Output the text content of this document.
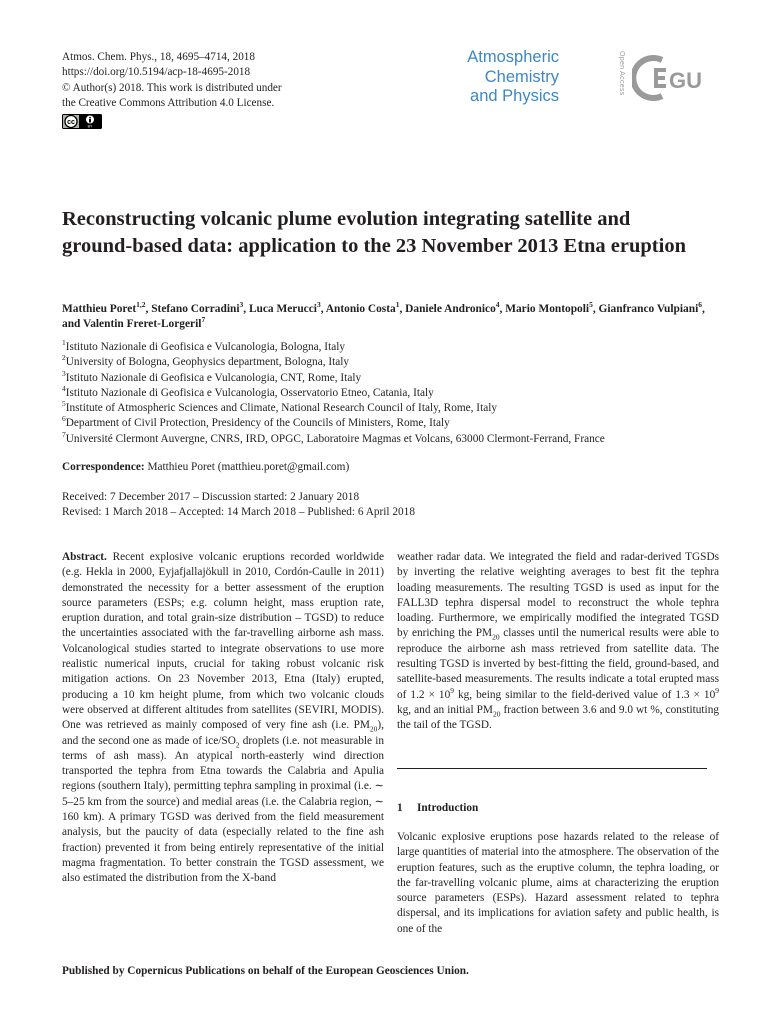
Atmos. Chem. Phys., 18, 4695–4714, 2018
https://doi.org/10.5194/acp-18-4695-2018
© Author(s) 2018. This work is distributed under
the Creative Commons Attribution 4.0 License.
cc
BY
Atmospheric
Chemistry
and Physics
Open Access GU
Reconstructing volcanic plume evolution integrating satellite and ground-based data: application to the 23 November 2013 Etna eruption
Matthieu Poret$^{1,2}$, Stefano Corradini$^3$, Luca Merucci$^3$, Antonio Costa$^1$, Daniele Andronico$^4$, Mario Montopoli$^5$, Gianfranco Vulpiani$^6$, and Valentin Freret-Lorgeril$^7$
$^1$Istituto Nazionale di Geofisica e Vulcanologia, Bologna, Italy
$^2$University of Bologna, Geophysics department, Bologna, Italy
$^3$Istituto Nazionale di Geofisica e Vulcanologia, CNT, Rome, Italy
$^4$Istituto Nazionale di Geofisica e Vulcanologia, Osservatorio Etneo, Catania, Italy
$^5$Institute of Atmospheric Sciences and Climate, National Research Council of Italy, Rome, Italy
$^6$Department of Civil Protection, Presidency of the Councils of Ministers, Rome, Italy
$^7$Université Clermont Auvergne, CNRS, IRD, OPGC, Laboratoire Magmas et Volcans, 63000 Clermont-Ferrand, France
Correspondence: Matthieu Poret (matthieu.poret@gmail.com)
Received: 7 December 2017 – Discussion started: 2 January 2018
Revised: 1 March 2018 – Accepted: 14 March 2018 – Published: 6 April 2018

Abstract. Recent explosive volcanic eruptions recorded worldwide (e.g. Hekla in 2000, Eyjafjallajökull in 2010, Cordón-Caulle in 2011) demonstrated the necessity for a better assessment of the eruption source parameters (ESPs; e.g. column height, mass eruption rate, eruption duration, and total grain-size distribution – TGSD) to reduce the uncertainties associated with the far-travelling airborne ash mass. Volcanological studies started to integrate observations to use more realistic numerical inputs, crucial for taking robust volcanic risk mitigation actions. On 23 November 2013, Etna (Italy) erupted, producing a 10 km height plume, from which two volcanic clouds were observed at different altitudes from satellites (SEVIRI, MODIS). One was retrieved as mainly composed of very fine ash (i.e. $PM_{20}$), and the second one as made of ice/$SO_2$ droplets (i.e. not measurable in terms of ash mass). An atypical north-easterly wind direction transported the tephra from Etna towards the Calabria and Apulia regions (southern Italy), permitting tephra sampling in proximal (i.e. ∼ 5–25 km from the source) and medial areas (i.e. the Calabria region, ∼ 160 km). A primary TGSD was derived from the field measurement analysis, but the paucity of data (especially related to the fine ash fraction) prevented it from being entirely representative of the initial magma fragmentation. To better constrain the TGSD assessment, we also estimated the distribution from the X-band

weather radar data. We integrated the field and radar-derived TGSDs by inverting the relative weighting averages to best fit the tephra loading measurements. The resulting TGSD is used as input for the FALL3D tephra dispersal model to reconstruct the whole tephra loading. Furthermore, we empirically modified the integrated TGSD by enriching the $PM_{20}$ classes until the numerical results were able to reproduce the airborne ash mass retrieved from satellite data. The resulting TGSD is inverted by best-fitting the field, ground-based, and satellite-based measurements. The results indicate a total erupted mass of $1.2 \times 10^9$ kg, being similar to the field-derived value of $1.3 \times 10^9$ kg, and an initial $PM_{20}$ fraction between 3.6 and 9.0 wt %, constituting the tail of the TGSD.

1 Introduction

Volcanic explosive eruptions pose hazards related to the release of large quantities of material into the atmosphere. The observation of the eruption features, such as the eruptive column, the tephra loading, or the far-travelling volcanic plume, aims at characterizing the eruption source parameters (ESPs). Hazard assessment related to tephra dispersal, and its implications for aviation safety and public health, is one of the

Published by Copernicus Publications on behalf of the European Geosciences Union.
